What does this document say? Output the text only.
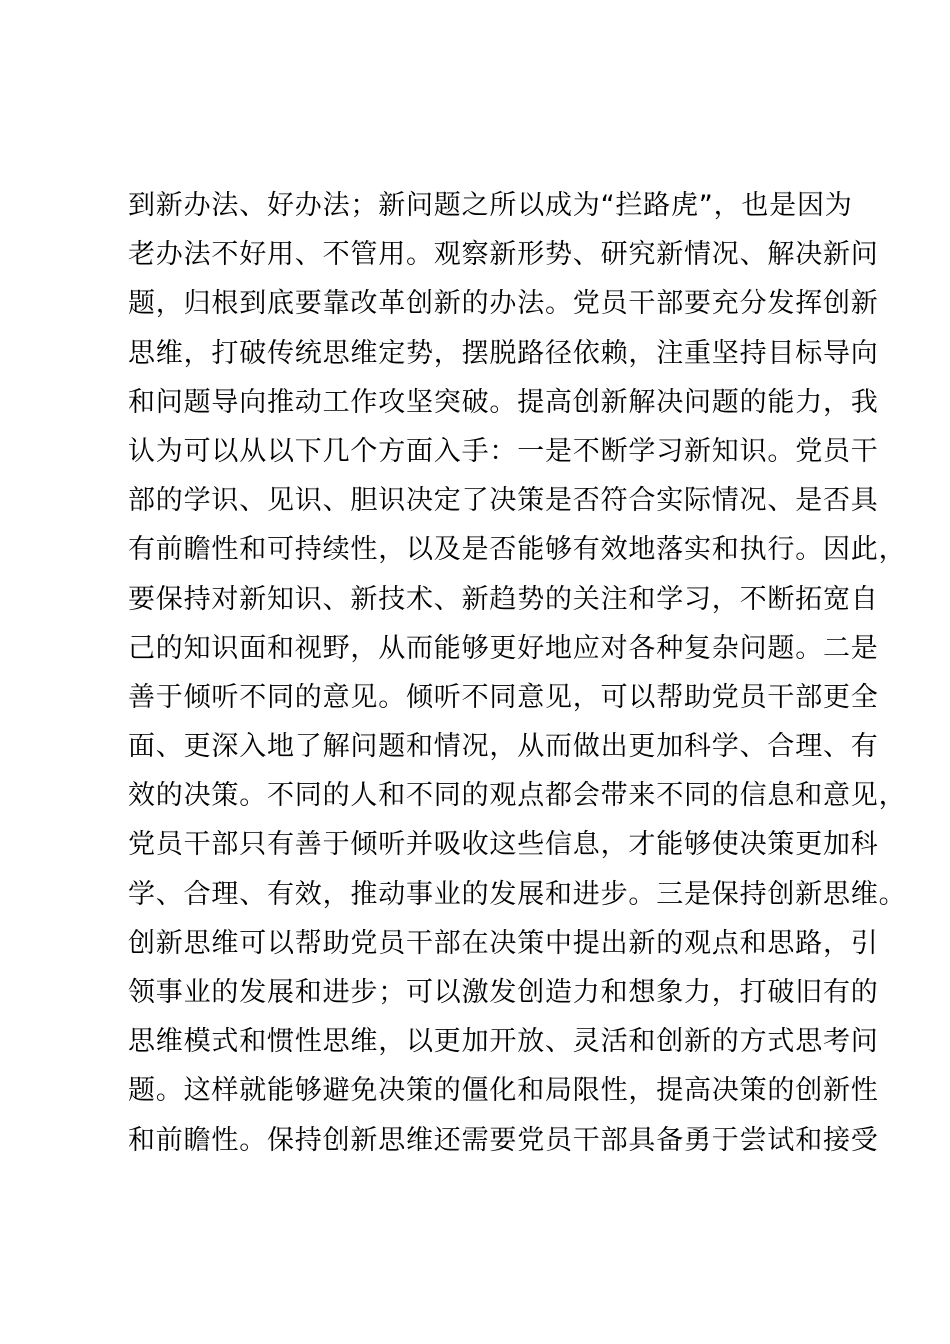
到新办法、好办法；新问题之所以成为“拦路虎”，也是因为
老办法不好用、不管用。观察新形势、研究新情况、解决新问
题，归根到底要靠改革创新的办法。党员干部要充分发挥创新
思维，打破传统思维定势，摆脱路径依赖，注重坚持目标导向
和问题导向推动工作攻坚突破。提高创新解决问题的能力，我
认为可以从以下几个方面入手：一是不断学习新知识。党员干
部的学识、见识、胆识决定了决策是否符合实际情况、是否具
有前瞻性和可持续性，以及是否能够有效地落实和执行。因此，
要保持对新知识、新技术、新趋势的关注和学习，不断拓宽自
己的知识面和视野，从而能够更好地应对各种复杂问题。二是
善于倾听不同的意见。倾听不同意见，可以帮助党员干部更全
面、更深入地了解问题和情况，从而做出更加科学、合理、有
效的决策。不同的人和不同的观点都会带来不同的信息和意见，
党员干部只有善于倾听并吸收这些信息，才能够使决策更加科
学、合理、有效，推动事业的发展和进步。三是保持创新思维。
创新思维可以帮助党员干部在决策中提出新的观点和思路，引
领事业的发展和进步；可以激发创造力和想象力，打破旧有的
思维模式和惯性思维，以更加开放、灵活和创新的方式思考问
题。这样就能够避免决策的僵化和局限性，提高决策的创新性
和前瞻性。保持创新思维还需要党员干部具备勇于尝试和接受
